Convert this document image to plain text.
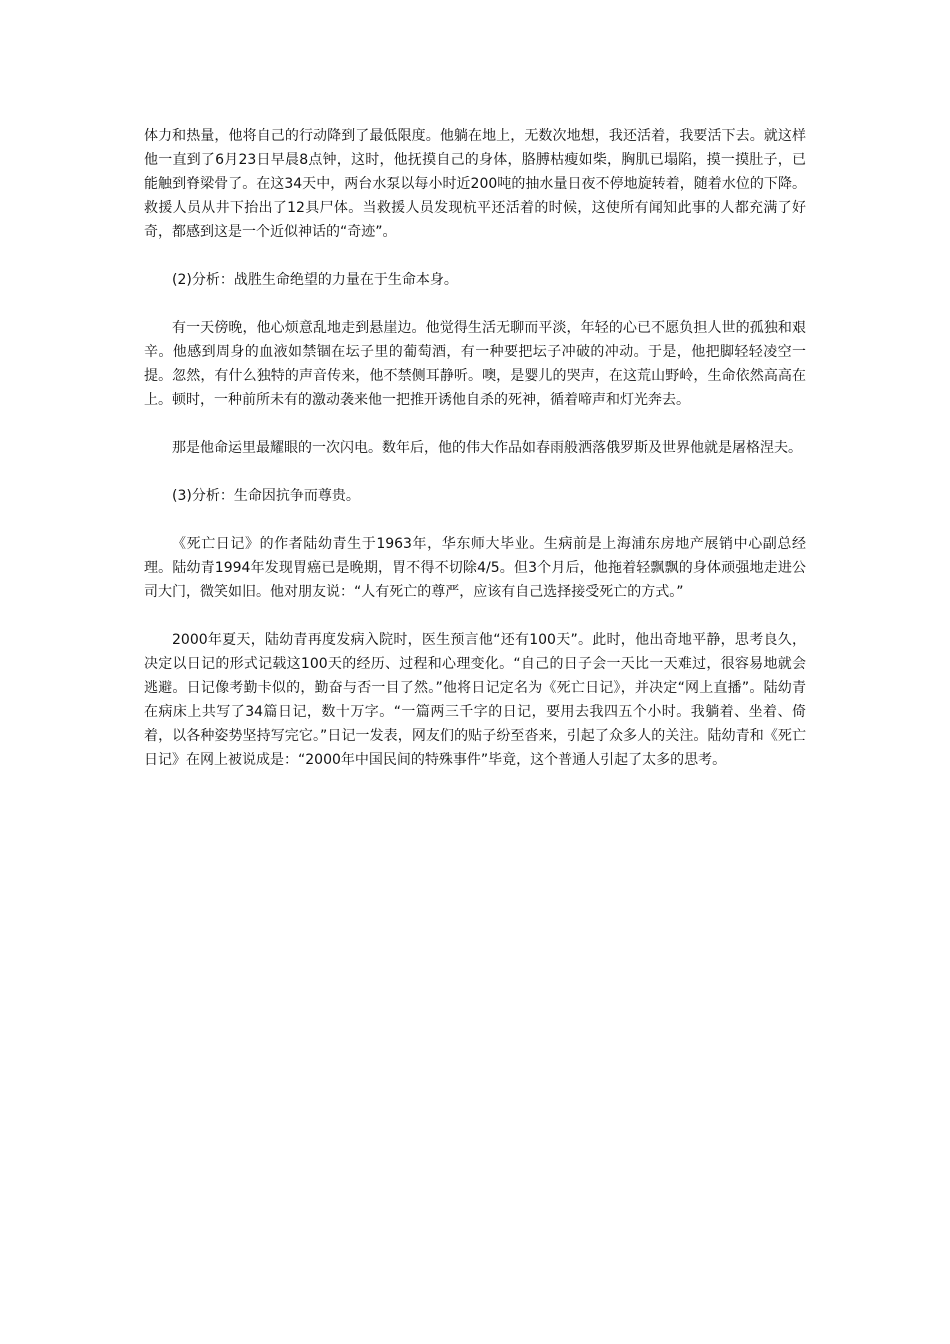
体力和热量，他将自己的行动降到了最低限度。他躺在地上，无数次地想，我还活着，我要活下去。就这样他一直到了6月23日早晨8点钟，这时，他抚摸自己的身体，胳膊枯瘦如柴，胸肌已塌陷，摸一摸肚子，已能触到脊梁骨了。在这34天中，两台水泵以每小时近200吨的抽水量日夜不停地旋转着，随着水位的下降。救援人员从井下抬出了12具尸体。当救援人员发现杭平还活着的时候，这使所有闻知此事的人都充满了好奇，都感到这是一个近似神话的“奇迹”。

(2)分析：战胜生命绝望的力量在于生命本身。

有一天傍晚，他心烦意乱地走到悬崖边。他觉得生活无聊而平淡，年轻的心已不愿负担人世的孤独和艰辛。他感到周身的血液如禁锢在坛子里的葡萄酒，有一种要把坛子冲破的冲动。于是，他把脚轻轻凌空一提。忽然，有什么独特的声音传来，他不禁侧耳静听。噢，是婴儿的哭声，在这荒山野岭，生命依然高高在上。顿时，一种前所未有的激动袭来他一把推开诱他自杀的死神，循着啼声和灯光奔去。

那是他命运里最耀眼的一次闪电。数年后，他的伟大作品如春雨般洒落俄罗斯及世界他就是屠格涅夫。

(3)分析：生命因抗争而尊贵。

《死亡日记》的作者陆幼青生于1963年，华东师大毕业。生病前是上海浦东房地产展销中心副总经理。陆幼青1994年发现胃癌已是晚期，胃不得不切除4/5。但3个月后，他拖着轻飘飘的身体顽强地走进公司大门，微笑如旧。他对朋友说：“人有死亡的尊严，应该有自己选择接受死亡的方式。”

2000年夏天，陆幼青再度发病入院时，医生预言他“还有100天”。此时，他出奇地平静，思考良久，决定以日记的形式记载这100天的经历、过程和心理变化。“自己的日子会一天比一天难过，很容易地就会逃避。日记像考勤卡似的，勤奋与否一目了然。”他将日记定名为《死亡日记》，并决定“网上直播”。陆幼青在病床上共写了34篇日记，数十万字。“一篇两三千字的日记，要用去我四五个小时。我躺着、坐着、倚着，以各种姿势坚持写完它。”日记一发表，网友们的贴子纷至沓来，引起了众多人的关注。陆幼青和《死亡日记》在网上被说成是：“2000年中国民间的特殊事件”毕竟，这个普通人引起了太多的思考。
